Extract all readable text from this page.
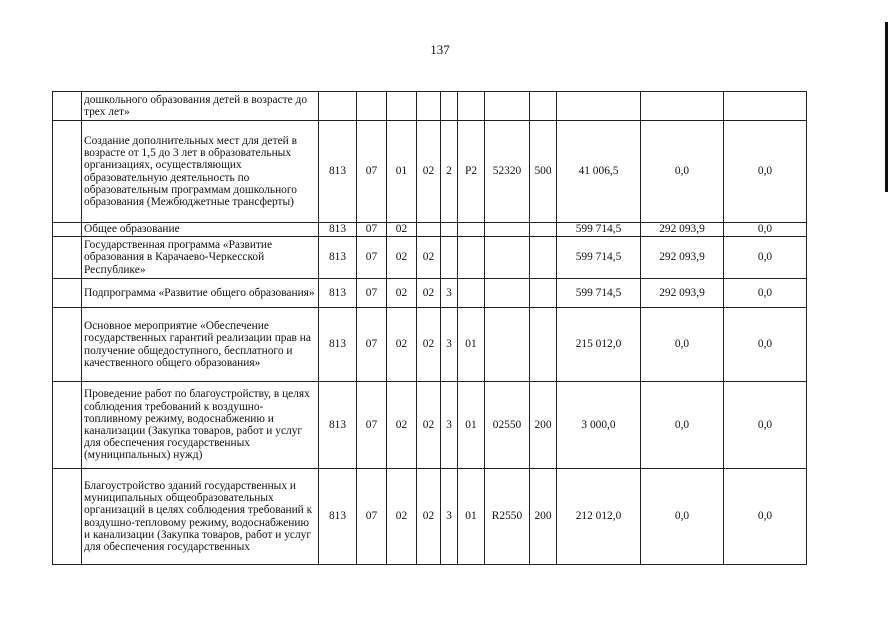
137
	дошкольного образования детей в возрасте до трех лет»											
	Создание дополнительных мест для детей в возрасте от 1,5 до 3 лет в образовательных организациях, осуществляющих образовательную деятельность по образовательным программам дошкольного образования (Межбюджетные трансферты)	813	07	01	02	2	P2	52320	500	41 006,5	0,0	0,0
	Общее образование	813	07	02						599 714,5	292 093,9	0,0
	Государственная программа «Развитие образования в Карачаево-Черкесской Республике»	813	07	02	02					599 714,5	292 093,9	0,0
	Подпрограмма «Развитие общего образования»	813	07	02	02	3				599 714,5	292 093,9	0,0
	Основное мероприятие «Обеспечение государственных гарантий реализации прав на получение общедоступного, бесплатного и качественного общего образования»	813	07	02	02	3	01			215 012,0	0,0	0,0
	Проведение работ по благоустройству, в целях соблюдения требований к воздушно-топливному режиму, водоснабжению и канализации (Закупка товаров, работ и услуг для обеспечения государственных (муниципальных) нужд)	813	07	02	02	3	01	02550	200	3 000,0	0,0	0,0
	Благоустройство зданий государственных и муниципальных общеобразовательных организаций в целях соблюдения требований к воздушно-тепловому режиму, водоснабжению и канализации (Закупка товаров, работ и услуг для обеспечения государственных	813	07	02	02	3	01	R2550	200	212 012,0	0,0	0,0
